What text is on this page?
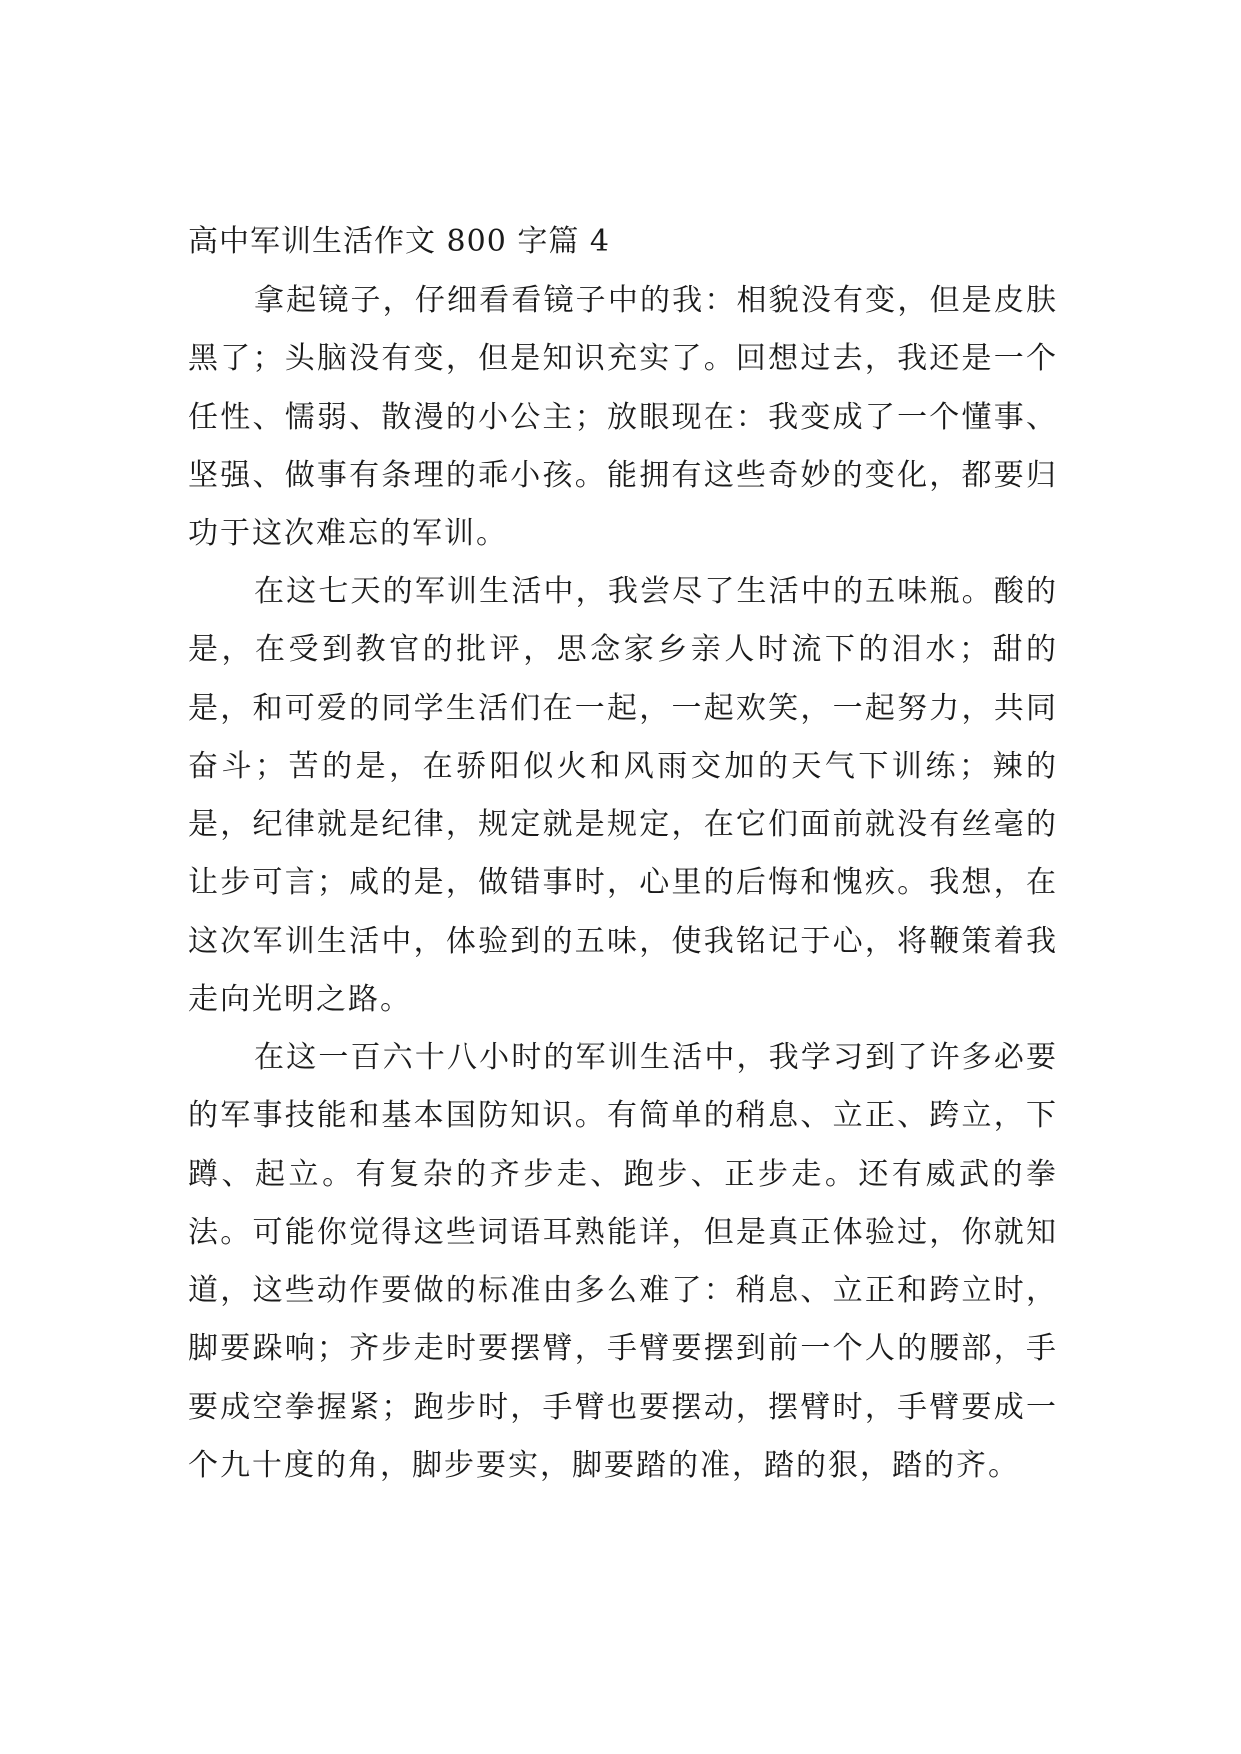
高中军训生活作文 800 字篇 4

拿起镜子，仔细看看镜子中的我：相貌没有变，但是皮肤黑了；头脑没有变，但是知识充实了。回想过去，我还是一个任性、懦弱、散漫的小公主；放眼现在：我变成了一个懂事、坚强、做事有条理的乖小孩。能拥有这些奇妙的变化，都要归功于这次难忘的军训。

在这七天的军训生活中，我尝尽了生活中的五味瓶。酸的是，在受到教官的批评，思念家乡亲人时流下的泪水；甜的是，和可爱的同学生活们在一起，一起欢笑，一起努力，共同奋斗；苦的是，在骄阳似火和风雨交加的天气下训练；辣的是，纪律就是纪律，规定就是规定，在它们面前就没有丝毫的让步可言；咸的是，做错事时，心里的后悔和愧疚。我想，在这次军训生活中，体验到的五味，使我铭记于心，将鞭策着我走向光明之路。

在这一百六十八小时的军训生活中，我学习到了许多必要的军事技能和基本国防知识。有简单的稍息、立正、跨立，下蹲、起立。有复杂的齐步走、跑步、正步走。还有威武的拳法。可能你觉得这些词语耳熟能详，但是真正体验过，你就知道，这些动作要做的标准由多么难了：稍息、立正和跨立时，脚要跺响；齐步走时要摆臂，手臂要摆到前一个人的腰部，手要成空拳握紧；跑步时，手臂也要摆动，摆臂时，手臂要成一个九十度的角，脚步要实，脚要踏的准，踏的狠，踏的齐。
